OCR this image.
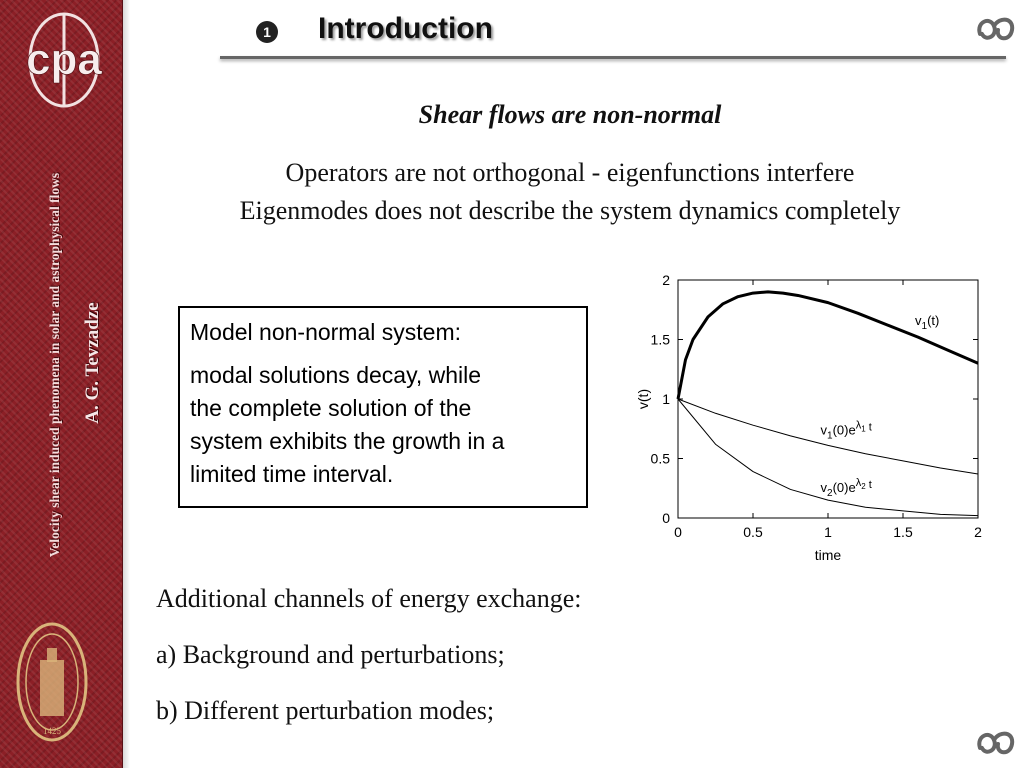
cpa
Velocity shear induced phenomena in solar and astrophysical flows A. G. Tevzadze
1425
1 Introduction
Shear flows are non-normal
Operators are not orthogonal - eigenfunctions interfere
Eigenmodes does not describe the system dynamics completely

Model non-normal system:

modal solutions decay, while

the complete solution of the

system exhibits the growth in a

limited time interval.

0	0.5	1	1.5	2
0
0.5
1
1.5
2
time
v(t)
$v_1(t)$
$v_1(0)e^\lambda_1$ t
$v_2(0)e^\lambda_2$ t
Additional channels of energy exchange:
a) Background and perturbations;
b) Different perturbation modes;
